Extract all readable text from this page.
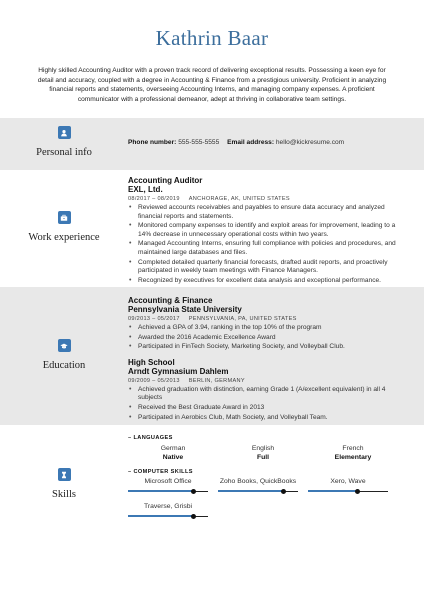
Kathrin Baar

Highly skilled Accounting Auditor with a proven track record of delivering exceptional results. Possessing a keen eye for detail and accuracy, coupled with a degree in Accounting & Finance from a prestigious university. Proficient in analyzing financial reports and statements, overseeing Accounting Interns, and managing company expenses. A proficient communicator with a professional demeanor, adept at thriving in collaborative team settings.

Personal info
Phone number: 555-555-5555 Email address: hello@kickresume.com
Work experience
Accounting Auditor
EXL, Ltd.
08/2017 – 08/2019 ANCHORAGE, AK, UNITED STATES
• Reviewed accounts receivables and payables to ensure data accuracy and analyzed financial reports and statements.
• Monitored company expenses to identify and exploit areas for improvement, leading to a 14% decrease in unnecessary operational costs within two years.
• Managed Accounting Interns, ensuring full compliance with policies and procedures, and maintained large databases and files.
• Completed detailed quarterly financial forecasts, drafted audit reports, and proactively participated in weekly team meetings with Finance Managers.
• Recognized by executives for excellent data analysis and exceptional performance.
Education
Accounting & Finance
Pennsylvania State University
09/2013 – 05/2017 PENNSYLVANIA, PA, UNITED STATES
• Achieved a GPA of 3.94, ranking in the top 10% of the program
• Awarded the 2016 Academic Excellence Award
• Participated in FinTech Society, Marketing Society, and Volleyball Club.
High School
Arndt Gymnasium Dahlem
09/2009 – 05/2013 BERLIN, GERMANY
• Achieved graduation with distinction, earning Grade 1 (A/excellent equivalent) in all 4 subjects
• Received the Best Graduate Award in 2013
• Participated in Aerobics Club, Math Society, and Volleyball Team.
Skills
– LANGUAGES
German
Native
English
Full
French
Elementary
– COMPUTER SKILLS
Microsoft Office	Zoho Books, QuickBooks	Xero, Wave
Traverse, Grisbi
